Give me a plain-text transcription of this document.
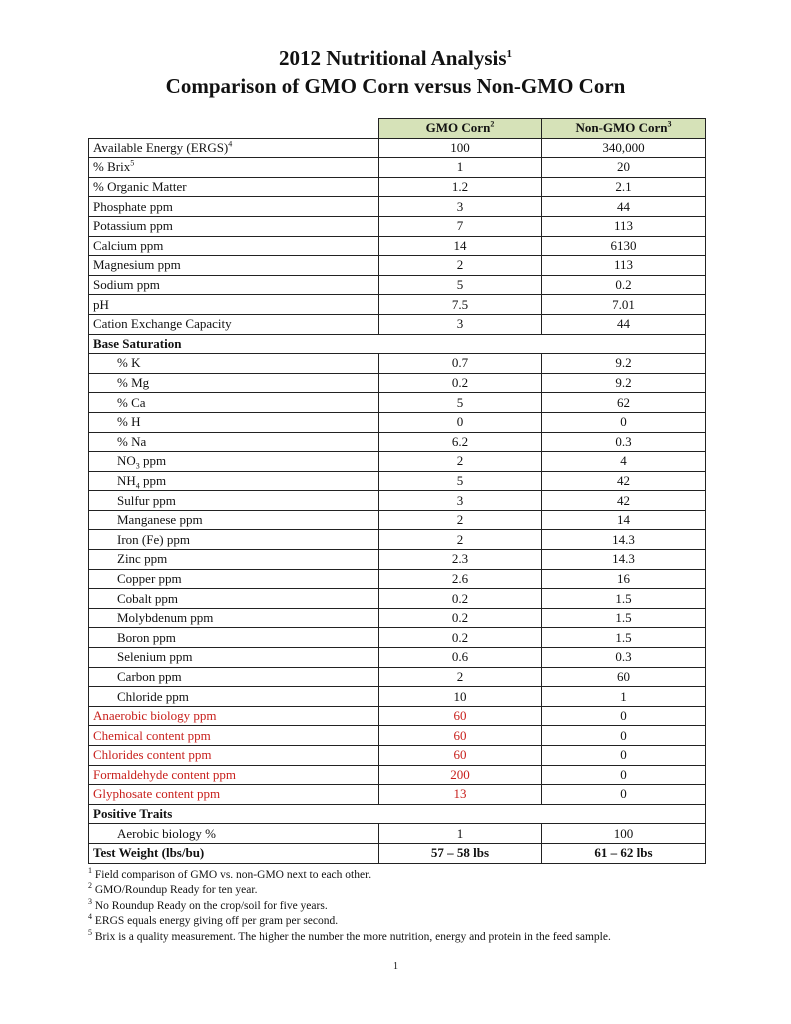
2012 Nutritional Analysis$^1$
Comparison of GMO Corn versus Non-GMO Corn
	GMO Corn$^2$	Non-GMO Corn$^3$
Available Energy (ERGS)$^4$	100	340,000
% Brix$^5$	1	20
% Organic Matter	1.2	2.1
Phosphate ppm	3	44
Potassium ppm	7	113
Calcium ppm	14	6130
Magnesium ppm	2	113
Sodium ppm	5	0.2
pH	7.5	7.01
Cation Exchange Capacity	3	44
Base Saturation		
% K	0.7	9.2
% Mg	0.2	9.2
% Ca	5	62
% H	0	0
% Na	6.2	0.3
$NO_3$ ppm	2	4
$NH_4$ ppm	5	42
Sulfur ppm	3	42
Manganese ppm	2	14
Iron (Fe) ppm	2	14.3
Zinc ppm	2.3	14.3
Copper ppm	2.6	16
Cobalt ppm	0.2	1.5
Molybdenum ppm	0.2	1.5
Boron ppm	0.2	1.5
Selenium ppm	0.6	0.3
Carbon ppm	2	60
Chloride ppm	10	1
Anaerobic biology ppm	60	0
Chemical content ppm	60	0
Chlorides content ppm	60	0
Formaldehyde content ppm	200	0
Glyphosate content ppm	13	0
Positive Traits		
Aerobic biology %	1	100
Test Weight (lbs/bu)	57 – 58 lbs	61 – 62 lbs
$^1$ Field comparison of GMO vs. non-GMO next to each other.
$^2$ GMO/Roundup Ready for ten year.
$^3$ No Roundup Ready on the crop/soil for five years.
$^4$ ERGS equals energy giving off per gram per second.
$^5$ Brix is a quality measurement. The higher the number the more nutrition, energy and protein in the feed sample.
1
